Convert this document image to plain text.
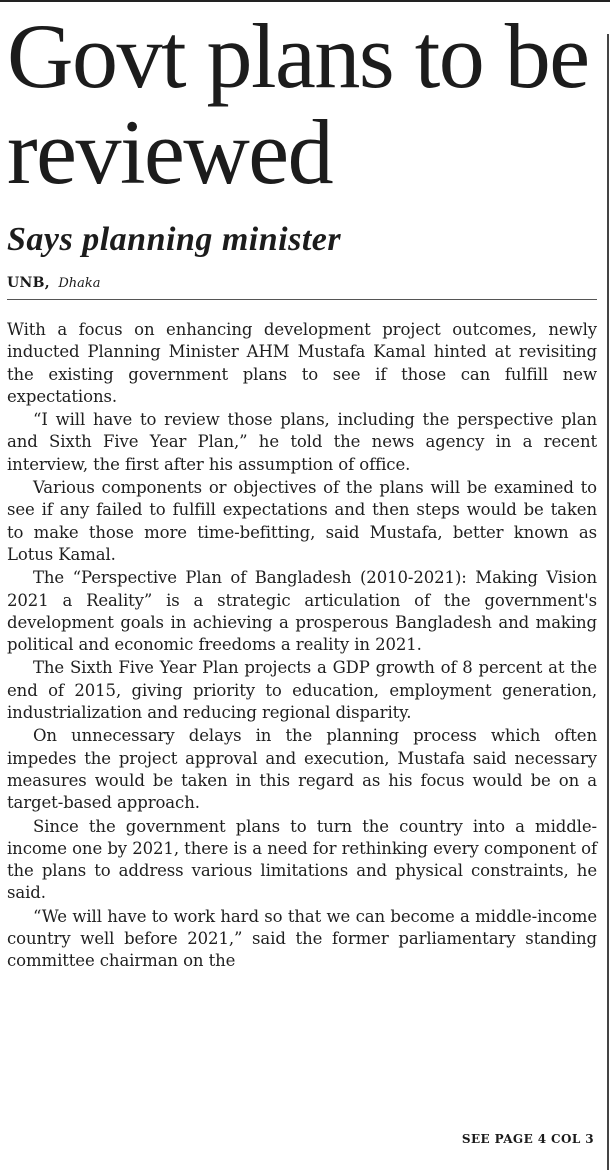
Govt plans to be reviewed
Says planning minister
UNB, Dhaka

With a focus on enhancing development project outcomes, newly inducted Planning Minister AHM Mustafa Kamal hinted at revisiting the existing government plans to see if those can fulfill new expectations.

“I will have to review those plans, including the perspective plan and Sixth Five Year Plan,” he told the news agency in a recent interview, the first after his assumption of office.

Various components or objectives of the plans will be examined to see if any failed to fulfill expectations and then steps would be taken to make those more time-befitting, said Mustafa, better known as Lotus Kamal.

The “Perspective Plan of Bangladesh (2010-2021): Making Vision 2021 a Reality” is a strategic articulation of the government's development goals in achieving a prosperous Bangladesh and making political and economic freedoms a reality in 2021.

The Sixth Five Year Plan projects a GDP growth of 8 percent at the end of 2015, giving priority to education, employment generation, industrialization and reducing regional disparity.

On unnecessary delays in the planning process which often impedes the project approval and execution, Mustafa said necessary measures would be taken in this regard as his focus would be on a target-based approach.

Since the government plans to turn the country into a middle-income one by 2021, there is a need for rethinking every component of the plans to address various limitations and physical constraints, he said.

“We will have to work hard so that we can become a middle-income country well before 2021,” said the former parliamentary standing committee chairman on the

SEE PAGE 4 COL 3
